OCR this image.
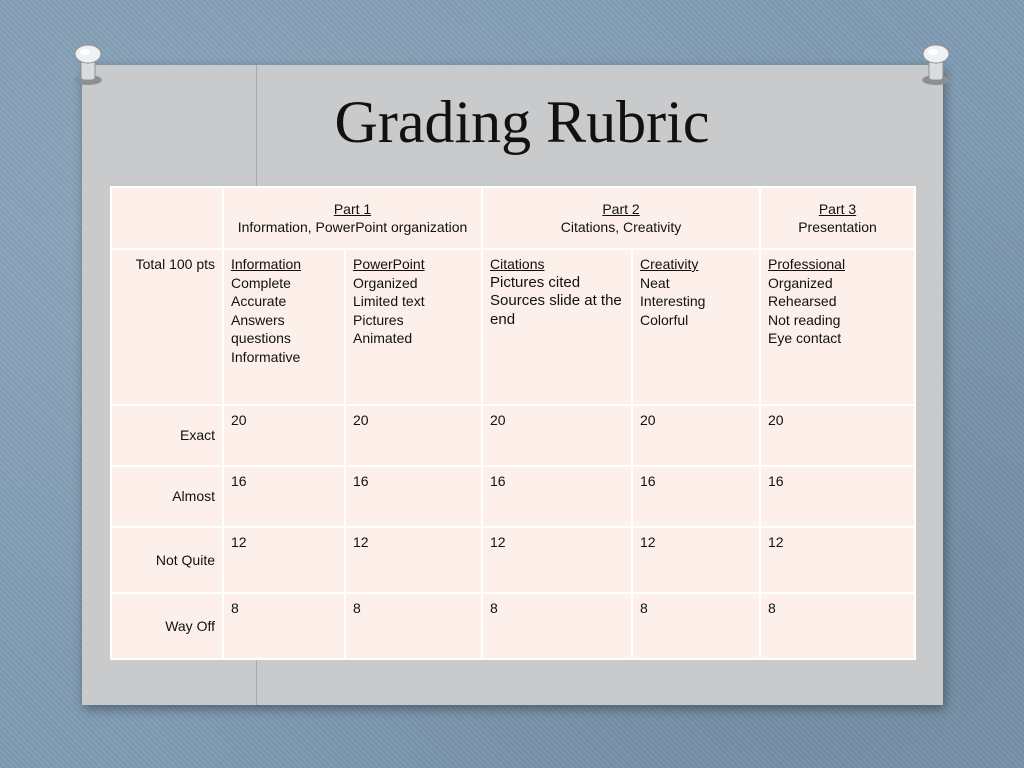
Grading Rubric
	Part 1
Information, PowerPoint organization		Part 2
Citations, Creativity		Part 3
Presentation
Total 100 pts	Information
Complete
Accurate
Answers questions
Informative	PowerPoint
Organized
Limited text
Pictures
Animated	Citations
Pictures cited
Sources slide at the end	Creativity
Neat
Interesting
Colorful	Professional
Organized
Rehearsed
Not reading
Eye contact

Exact	20	20	20	20	20
Almost	16	16	16	16	16
Not Quite	12	12	12	12	12
Way Off	8	8	8	8	8
